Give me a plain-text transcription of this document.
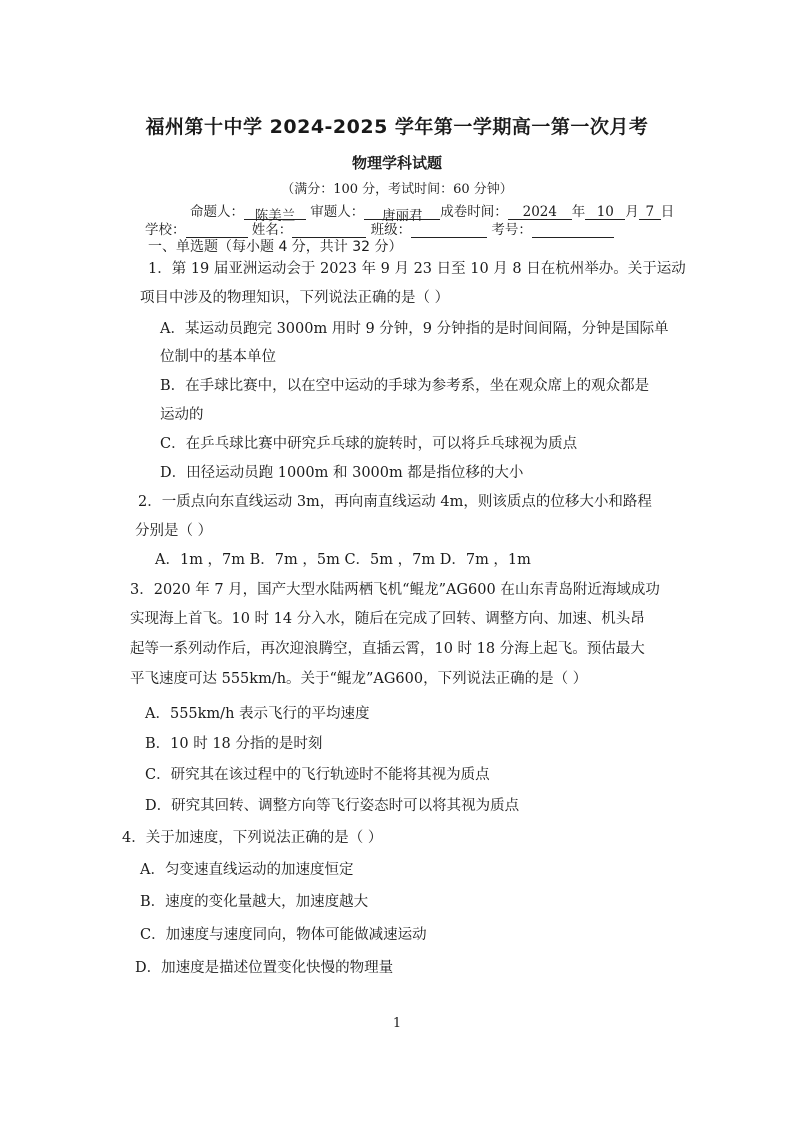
福州第十中学 2024-2025 学年第一学期高一第一次月考
物理学科试题
（满分：100 分，考试时间：60 分钟）
命题人： 陈美兰 审题人： 唐丽君 成卷时间： 2024 年 10 月 7 日
学校：	姓名：	班级：	考号：
一、单选题（每小题 4 分，共计 32 分）
1．第 19 届亚洲运动会于 2023 年 9 月 23 日至 10 月 8 日在杭州举办。关于运动
项目中涉及的物理知识，下列说法正确的是（ ）
A．某运动员跑完 3000m 用时 9 分钟，9 分钟指的是时间间隔，分钟是国际单
位制中的基本单位
B．在手球比赛中，以在空中运动的手球为参考系，坐在观众席上的观众都是
运动的
C．在乒乓球比赛中研究乒乓球的旋转时，可以将乒乓球视为质点
D．田径运动员跑 1000m 和 3000m 都是指位移的大小
2．一质点向东直线运动 3m，再向南直线运动 4m，则该质点的位移大小和路程
分别是（ ）
A．1m ，7m B．7m ，5m C．5m ，7m D．7m ，1m
3．2020 年 7 月，国产大型水陆两栖飞机“鲲龙”AG600 在山东青岛附近海域成功
实现海上首飞。10 时 14 分入水，随后在完成了回转、调整方向、加速、机头昂
起等一系列动作后，再次迎浪腾空，直插云霄，10 时 18 分海上起飞。预估最大
平飞速度可达 555km/h。关于“鲲龙”AG600，下列说法正确的是（ ）
A．555km/h 表示飞行的平均速度
B．10 时 18 分指的是时刻
C．研究其在该过程中的飞行轨迹时不能将其视为质点
D．研究其回转、调整方向等飞行姿态时可以将其视为质点
4．关于加速度，下列说法正确的是（ ）
A．匀变速直线运动的加速度恒定
B．速度的变化量越大，加速度越大
C．加速度与速度同向，物体可能做减速运动
D．加速度是描述位置变化快慢的物理量
1
